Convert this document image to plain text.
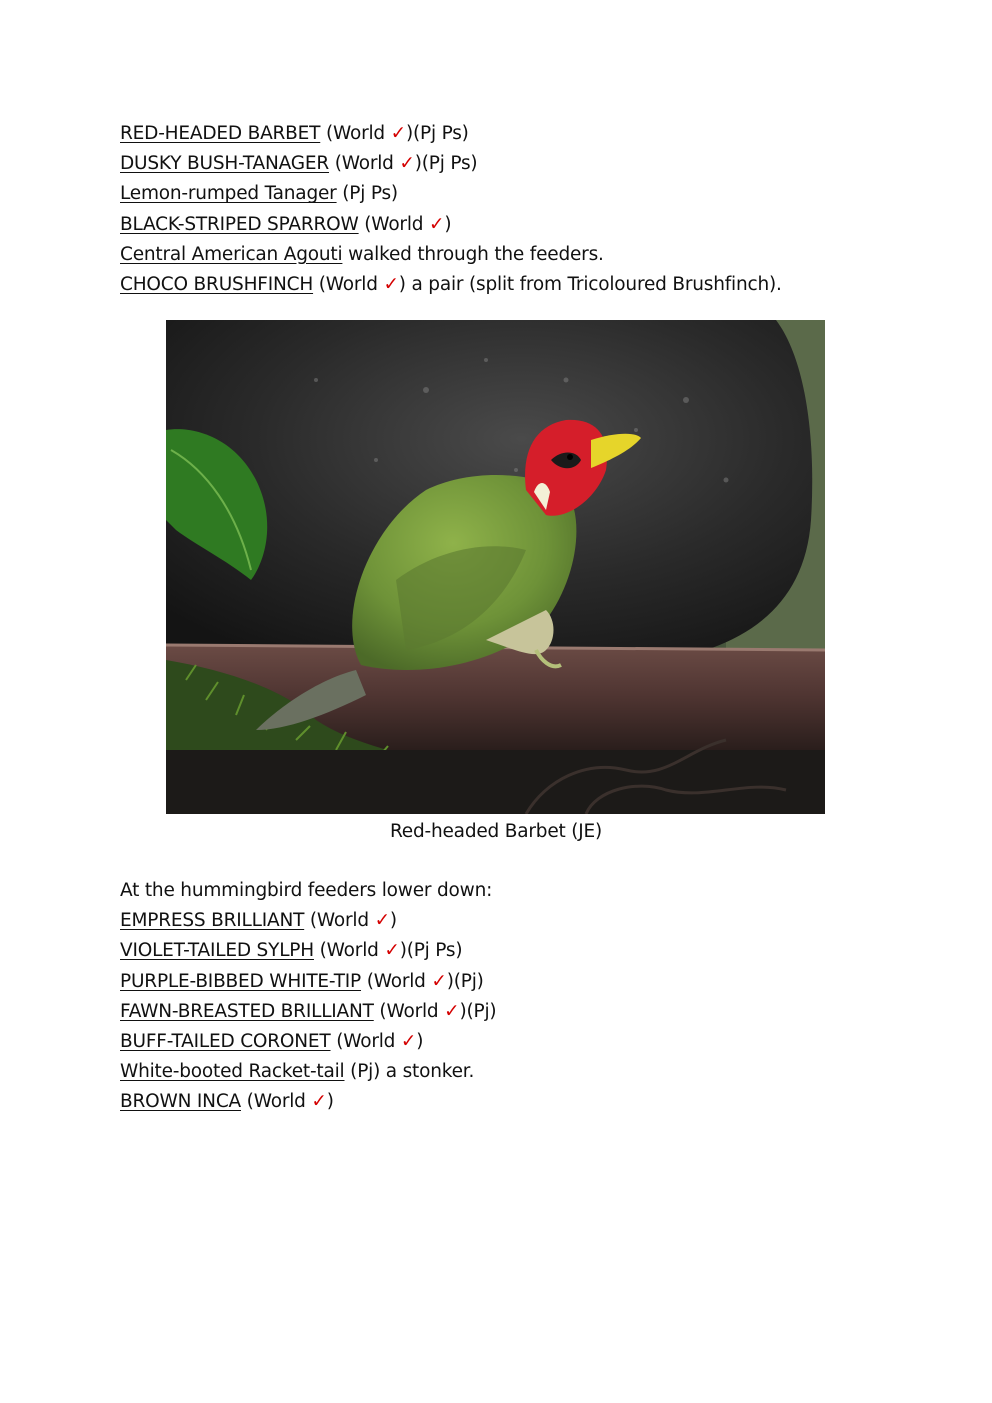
RED-HEADED BARBET (World ✓)(Pj Ps)
DUSKY BUSH-TANAGER (World ✓)(Pj Ps)
Lemon-rumped Tanager (Pj Ps)
BLACK-STRIPED SPARROW (World ✓)
Central American Agouti walked through the feeders.
CHOCO BRUSHFINCH (World ✓) a pair (split from Tricoloured Brushfinch).
Red-headed Barbet (JE)
At the hummingbird feeders lower down:
EMPRESS BRILLIANT (World ✓)
VIOLET-TAILED SYLPH (World ✓)(Pj Ps)
PURPLE-BIBBED WHITE-TIP (World ✓)(Pj)
FAWN-BREASTED BRILLIANT (World ✓)(Pj)
BUFF-TAILED CORONET (World ✓)
White-booted Racket-tail (Pj) a stonker.
BROWN INCA (World ✓)
